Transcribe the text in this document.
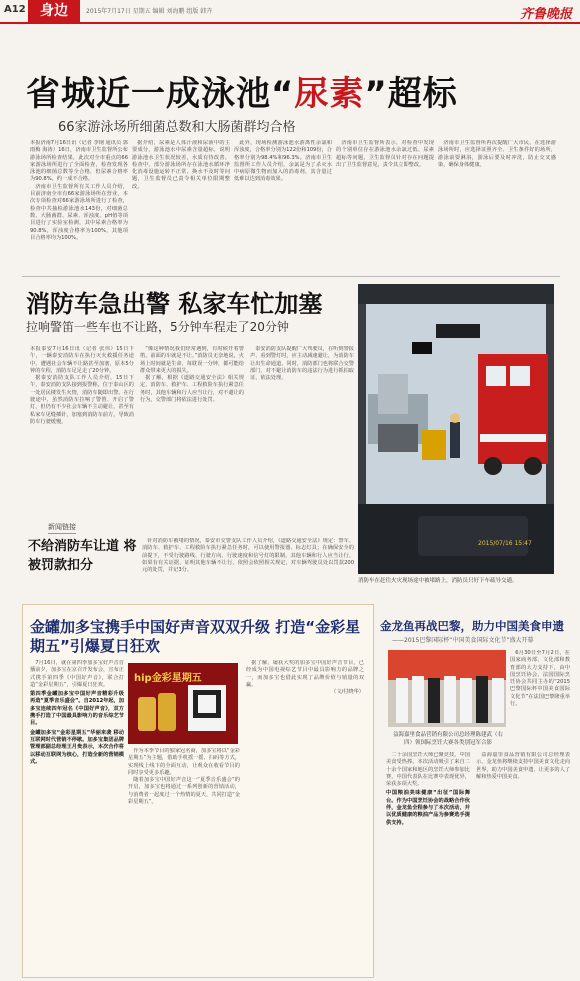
A12	身边	2015年7月17日 星期五 编辑 刘海鹏 组版 韩卉	齐鲁晚报
省城近一成泳池“尿素”超标
66家游泳场所细菌总数和大肠菌群均合格

本报济南7月16日讯（记者 李钢 通讯员 郭雨梅 海涛）16日，济南市卫生监督所公布游泳场所检查结果，此次对全市重点的66家游泳场所进行了全面检查，检查发现各泳池的细菌总数等全合格，但尿素合格率为90.8%，约一成不合格。

济南市卫生监督所有关工作人员介绍，目前济南全市有66家游泳场所在营业，本次专项检查对66家游泳场所进行了检查，检查中共抽检游泳池水143份，对细菌总数、大肠菌群、尿素、浑浊度、pH值等项目进行了实验室检测，其中尿素合格率为90.8%，浑浊度合格率为100%，其他项目合格率均为100%。

据介绍，尿素是人体汗液和尿液中的主要成分，游泳池水中尿素含量超标，说明游泳池水卫生状况较差，水质有待改善。检查中，部分游泳场所存在泳池水循环净化消毒设施运转不正常、换水不及时等问题，卫生监督员已责令相关单位限期整改。

此外，现场检测游泳池水游离性余氯和浑浊度，合格率分别为122份和109份，合格率分别为98.4%和96.3%。济南市卫生监督所工作人员介绍，余氯是为了杀灭水中病原微生物而加入的消毒剂，其含量过低难以达到消毒效果。

济南市卫生监督所表示，对检查中发现的个别单位存在游泳池水余氯过低、尿素超标等问题，卫生监督员针对存在问题提出了卫生监督意见，责令其立即整改。

济南市卫生监督所再次提醒广大市民，在选择游泳场所时，应选择证照齐全、卫生条件好的场所，游泳前要淋浴，游泳后要及时冲洗，防止交叉感染，确保身体健康。

消防车急出警 私家车忙加塞
拉响警笛一些车也不让路，5分钟车程走了20分钟

本报泰安7月16日讯（记者 张伟）15日下午，一辆泰安消防车在执行灭火救援任务途中，遭遇社会车辆不让路甚至加塞，原本5分钟的车程，消防车足足走了20分钟。

据泰安消防支队工作人员介绍，15日下午，泰安消防支队接到报警称，位于泰山区的一处居民楼发生火情，消防车随即出警。在行驶途中，虽然消防车拉响了警笛、开启了警灯，但仍有不少社会车辆不主动避让，甚至有私家车见缝插针，加塞到消防车前方，导致消防车行驶缓慢。

“像这种情况我们经常遇到，有时候开着警笛，前面的车就是不让。”消防员无奈地说，火场上时间就是生命，每耽误一分钟，都可能给群众带来更大的损失。

据了解，根据《道路交通安全法》相关规定，消防车、救护车、工程救险车执行紧急任务时，其他车辆和行人应当让行，对不避让的行为，交警部门将依法进行处罚。

泰安消防支队提醒广大驾驶员，在听到警报声、看到警灯时，应主动减速避让，为消防车让出生命通道。同时，消防部门也将联合交警部门，对不避让消防车的违法行为进行抓拍取证，依法处理。

新闻链接
不给消防车让道 将被罚款扣分

针对消防车被堵的情况，泰安市交警支队工作人员介绍，《道路交通安全法》规定：警车、消防车、救护车、工程救险车执行紧急任务时，可以使用警报器、标志灯具；在确保安全的前提下，不受行驶路线、行驶方向、行驶速度和信号灯的限制，其他车辆和行人应当让行。如果有有关证据，证明其他车辆不让行，依照会依照相关规定，对车辆驾驶员处以罚款200元的处罚，并记3分。

2015/07/16 15:47
消防车在赶往火灾现场途中被堵路上，消防员只好下车疏导交通。
金罐加多宝携手中国好声音双双升级 打造“金彩星期五”引爆夏日狂欢

7月16日，就在第四季加多宝好声音首播前夕，加多宝在京召开发布会，宣布正式携手第四季《中国好声音》，联合打造“金彩星期五”，引爆夏日狂欢。

第四季金罐加多宝中国好声音精彩升级 再造“夏季音乐盛会”。自2012年起，加多宝连续四年冠名《中国好声音》，双方携手打造了中国最具影响力的音乐综艺节目。

金罐加多宝“金彩星期五”华丽来袭 移动互联网时代营销不停歇。加多宝集团品牌管理部副总经理王月贵表示，本次合作将以移动互联网为核心，打造全新的营销模式。

hip金彩星期五

作为本季节目的独家冠名商，加多宝将以“金彩星期五”为主题，借助手机摇一摇、扫码等方式，实现线上线下的全面互动，让观众在收看节目的同时享受更多乐趣。

随着加多宝中国好声音这一“夏季音乐盛会”的开启，加多宝也将通过一系列创新的营销活动，与消费者一起度过一个热情的夏天，共同打造“金彩星期五”。

据了解，屡获大奖的加多宝中国好声音节目，已经成为中国电视综艺节目中最具影响力的品牌之一，而加多宝也借此实现了品牌价值与销量的双赢。

（文/付晓华）

金龙鱼再战巴黎，助力中国美食申遗
——2015巴黎国际杯“中国美食国际文化节”盛大开幕
益海嘉里食品营销有限公司总经理陈建武（右四）领国际烹饪大赛各类别冠军合影

6月30日至7月2日，在国家商务部、文化部和教育部的大力支持下，由中国烹饪协会、法国国际烹饪协会共同主办的“2015巴黎国际杯中国美食国际文化节”在法国巴黎隆重举行。

二十余国烹饪大师已聚竞技，中国美食受热捧。本次活动吸引了来自二十余个国家和地区的烹饪大师参加比赛，中国代表队在比赛中表现优异，荣获多项大奖。

中国粮油美味健康“出征”国际舞台。作为中国烹饪协会的战略合作伙伴，金龙鱼全程参与了本次活动，并以优质健康的粮油产品为参赛选手提供支持。

益海嘉里食品营销有限公司总经理表示，金龙鱼将继续支持中国美食文化走向世界，助力中国美食申遗，让更多的人了解和热爱中国美食。
